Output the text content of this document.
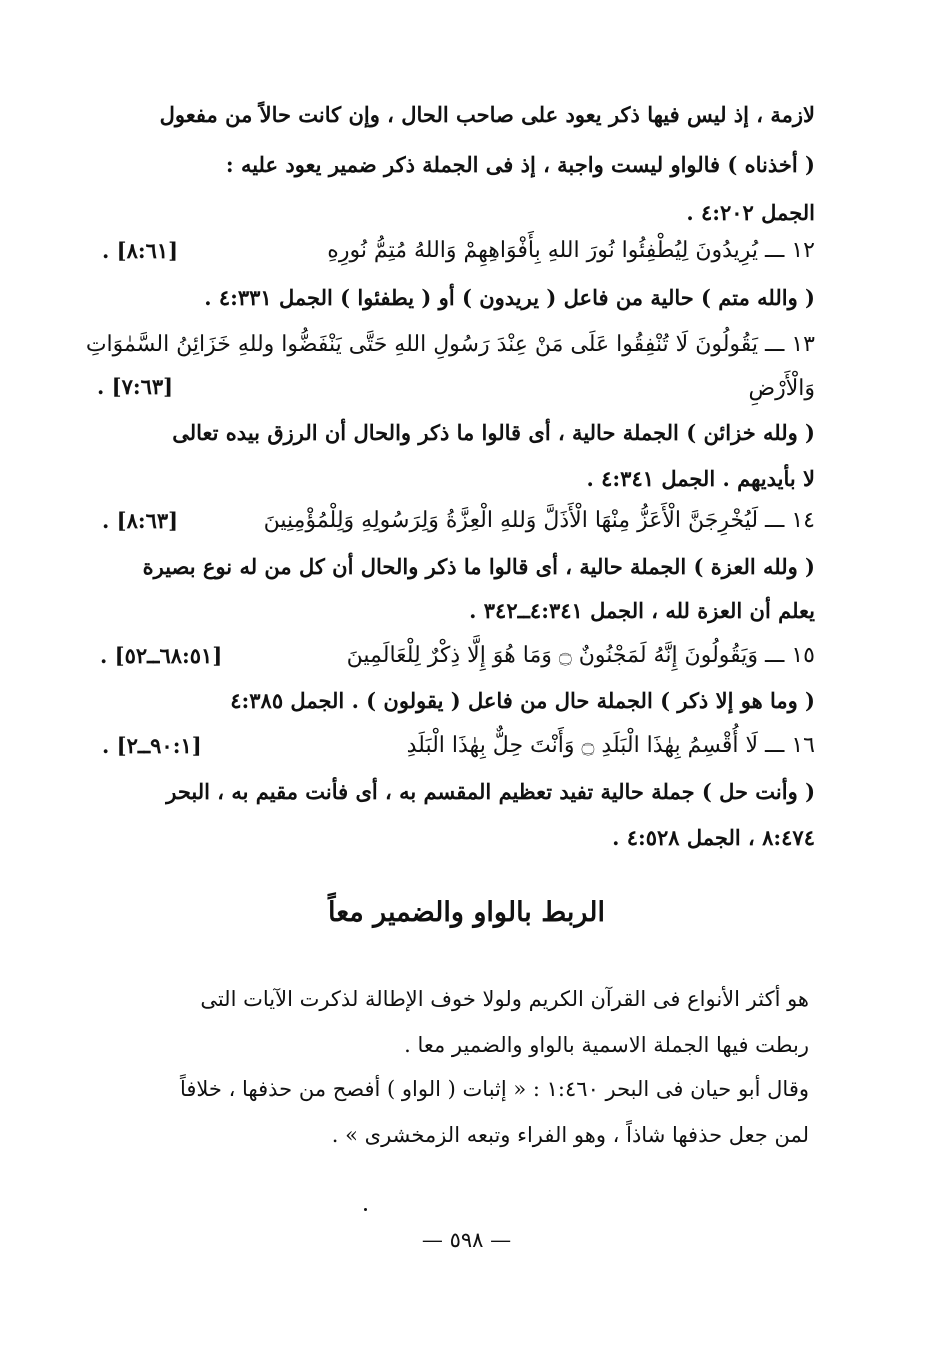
لازمة ، إذ ليس فيها ذكر يعود على صاحب الحال ، وإن كانت حالاً من مفعول
( أخذناه ) فالواو ليست واجبة ، إذ فى الجملة ذكر ضمير يعود عليه :
الجمل ٤:٢٠٢ .
١٢ ـــ يُرِيدُونَ لِيُطْفِئُوا نُورَ اللهِ بِأَفْوَاهِهِمْ وَاللهُ مُتِمُّ نُورِهِ
[٨:٦١] .
( والله متم ) حالية من فاعل ( يريدون ) أو ( يطفئوا ) الجمل ٤:٣٣١ .
١٣ ـــ يَقُولُونَ لَا تُنْفِقُوا عَلَى مَنْ عِنْدَ رَسُولِ اللهِ حَتَّى يَنْفَضُّوا وللهِ خَزَائِنُ السَّمٰوَاتِ
وَالْأَرْضِ
[٧:٦٣] .
( ولله خزائن ) الجملة حالية ، أى قالوا ما ذكر والحال أن الرزق بيده تعالى
لا بأيديهم . الجمل ٤:٣٤١ .
١٤ ـــ لَيُخْرِجَنَّ الْأَعَزُّ مِنْهَا الْأَذَلَّ وَللهِ الْعِزَّةُ وَلِرَسُولِهِ وَلِلْمُؤْمِنِينَ
[٨:٦٣] .
( ولله العزة ) الجملة حالية ، أى قالوا ما ذكر والحال أن كل من له نوع بصيرة
يعلم أن العزة لله ، الجمل ٤:٣٤١ــ٣٤٢ .
١٥ ـــ وَيَقُولُونَ إِنَّهُ لَمَجْنُونٌ ۝ وَمَا هُوَ إِلَّا ذِكْرٌ لِلْعَالَمِينَ
[٦٨:٥١ــ٥٢] .
( وما هو إلا ذكر ) الجملة حال من فاعل ( يقولون ) . الجمل ٤:٣٨٥
١٦ ـــ لَا أُقْسِمُ بِهٰذَا الْبَلَدِ ۝ وَأَنْتَ حِلٌّ بِهٰذَا الْبَلَدِ
[٩٠:١ــ٢] .
( وأنت حل ) جملة حالية تفيد تعظيم المقسم به ، أى فأنت مقيم به ، البحر
٨:٤٧٤ ، الجمل ٤:٥٢٨ .
الربط بالواو والضمير معاً
هو أكثر الأنواع فى القرآن الكريم ولولا خوف الإطالة لذكرت الآيات التى
ربطت فيها الجملة الاسمية بالواو والضمير معا .
وقال أبو حيان فى البحر ١:٤٦٠ : « إثبات ( الواو ) أفصح من حذفها ، خلافاً
لمن جعل حذفها شاذاً ، وهو الفراء وتبعه الزمخشرى » .
— ٥٩٨ —
